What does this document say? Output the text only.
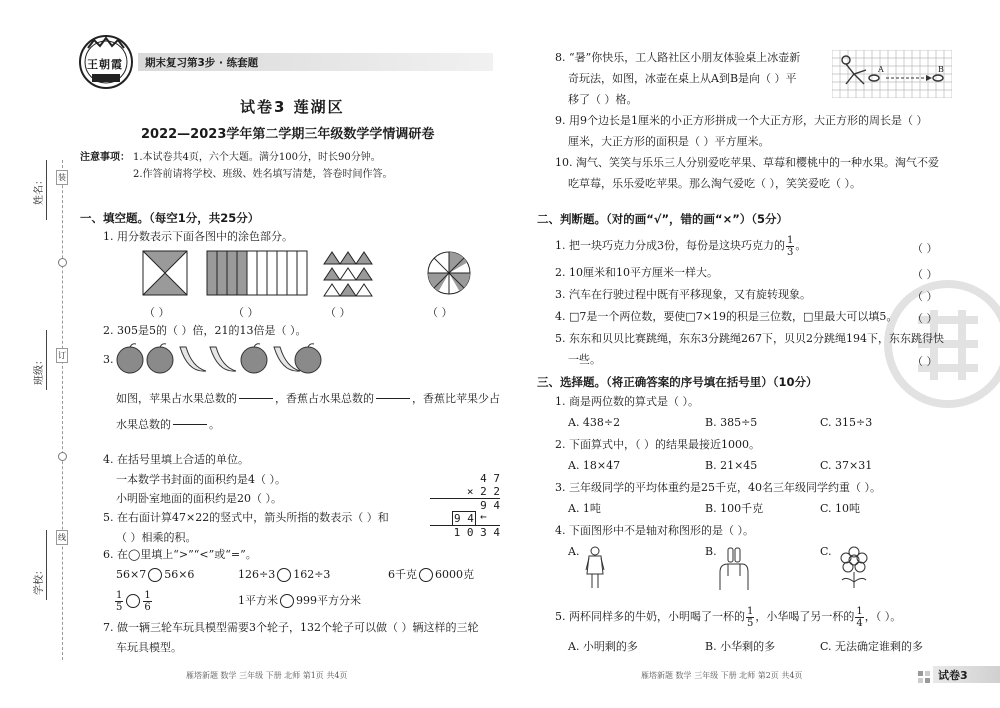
装
订
线
姓名：
班级：
学校：
王朝霞 期末复习第3步 · 练套题
试卷3 莲湖区
2022—2023学年第二学期三年级数学学情调研卷
注意事项： 1.本试卷共4页，六个大题。满分100分，时长90分钟。
2.作答前请将学校、班级、姓名填写清楚，答卷时间作答。
一、填空题。（每空1分，共25分）
1. 用分数表示下面各图中的涂色部分。
（ ）	（ ）	（ ）	（ ）
2. 305是5的（ ）倍，21的13倍是（ ）。
3.
如图，苹果占水果总数的	，香蕉占水果总数的	，香蕉比苹果少占
水果总数的	。
4. 在括号里填上合适的单位。
一本数学书封面的面积约是4（ ）。
小明卧室地面的面积约是20（ ）。
4 7
× 2 2
9 4
9 4 ←
1 0 3 4
5. 在右面计算47×22的竖式中，箭头所指的数表示（ ）和
（ ）相乘的积。
6. 在◯里填上“>”“<”或“=”。
56×7 56×6	126÷3 162÷3	6千克 6000克
$\frac{1}{5} \frac{1}{6}$	1平方米 999平方分米
7. 做一辆三轮车玩具模型需要3个轮子，132个轮子可以做（ ）辆这样的三轮
车玩具模型。
雁塔新题 数学 三年级 下册 北师 第1页 共4页
8. “暑”你快乐，工人路社区小朋友体验桌上冰壶新
奇玩法，如图，冰壶在桌上从A到B是向（ ）平
移了（ ）格。
A	B
9. 用9个边长是1厘米的小正方形拼成一个大正方形，大正方形的周长是（ ）
厘米，大正方形的面积是（ ）平方厘米。
10. 淘气、笑笑与乐乐三人分别爱吃苹果、草莓和樱桃中的一种水果。淘气不爱
吃草莓，乐乐爱吃苹果。那么淘气爱吃（ ），笑笑爱吃（ ）。
二、判断题。（对的画“√”，错的画“×”）（5分）
1. 把一块巧克力分成3份，每份是这块巧克力的 $\frac{1}{3}$ 。	（ ）
2. 10厘米和10平方厘米一样大。	（ ）
3. 汽车在行驶过程中既有平移现象，又有旋转现象。	（ ）
4. □7是一个两位数，要使□7×19的积是三位数，□里最大可以填5。 （ ）
5. 东东和贝贝比赛跳绳，东东3分跳绳267下，贝贝2分跳绳194下，东东跳得快
一些。	（ ）
三、选择题。（将正确答案的序号填在括号里）（10分）
1. 商是两位数的算式是（ ）。
A. 438÷2	B. 385÷5	C. 315÷3
2. 下面算式中，（ ）的结果最接近1000。
A. 18×47	B. 21×45	C. 37×31
3. 三年级同学的平均体重约是25千克，40名三年级同学约重（ ）。
A. 1吨	B. 100千克	C. 10吨
4. 下面图形中不是轴对称图形的是（ ）。
A.	B.	C.
5. 两杯同样多的牛奶，小明喝了一杯的 $\frac{1}{5}$ ，小华喝了另一杯的 $\frac{1}{4}$ ，（ ）。
A. 小明剩的多	B. 小华剩的多	C. 无法确定谁剩的多
雁塔新题 数学 三年级 下册 北师 第2页 共4页	试卷3
